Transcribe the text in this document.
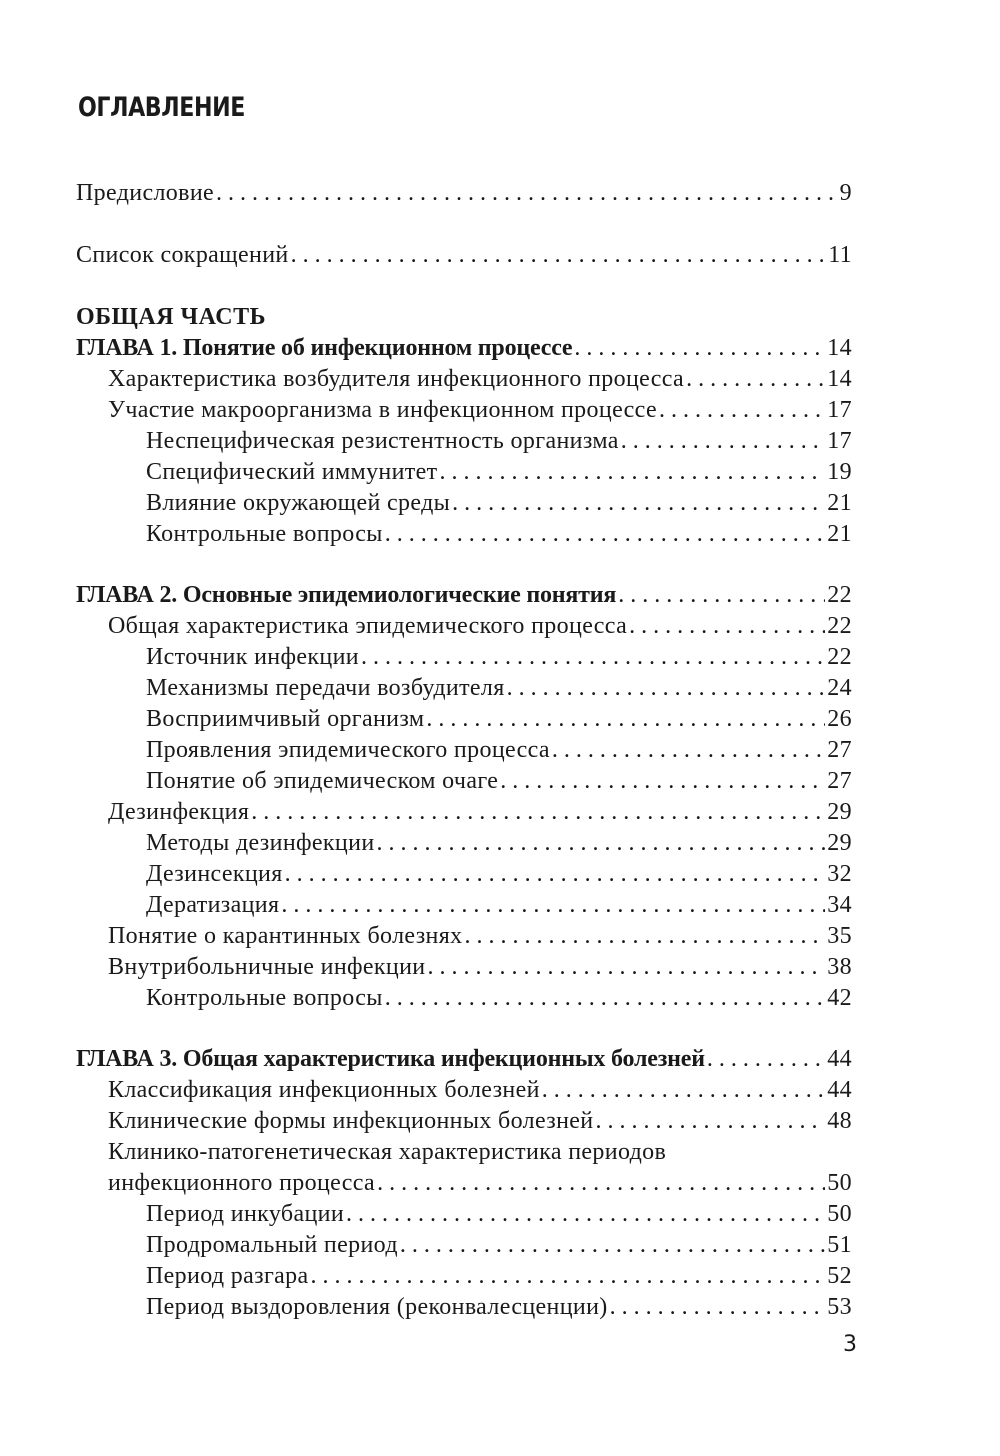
ОГЛАВЛЕНИЕ
Предисловие . . .	9
Список сокращений . . .	11
ОБЩАЯ ЧАСТЬ
ГЛАВА 1. Понятие об инфекционном процессе . . .	14
Характеристика возбудителя инфекционного процесса . . .	14
Участие макроорганизма в инфекционном процессе . . .	17
Неспецифическая резистентность организма . . .	17
Специфический иммунитет . . .	19
Влияние окружающей среды . . .	21
Контрольные вопросы . . .	21
ГЛАВА 2. Основные эпидемиологические понятия . . .	22
Общая характеристика эпидемического процесса . . .	22
Источник инфекции . . .	22
Механизмы передачи возбудителя . . .	24
Восприимчивый организм . . .	26
Проявления эпидемического процесса . . .	27
Понятие об эпидемическом очаге . . .	27
Дезинфекция . . .	29
Методы дезинфекции . . .	29
Дезинсекция . . .	32
Дератизация . . .	34
Понятие о карантинных болезнях . . .	35
Внутрибольничные инфекции . . .	38
Контрольные вопросы . . .	42
ГЛАВА 3. Общая характеристика инфекционных болезней . . .	44
Классификация инфекционных болезней . . .	44
Клинические формы инфекционных болезней . . .	48
Клинико-патогенетическая характеристика периодов
инфекционного процесса . . .	50
Период инкубации . . .	50
Продромальный период . . .	51
Период разгара . . .	52
Период выздоровления (реконвалесценции) . . .	53

3
